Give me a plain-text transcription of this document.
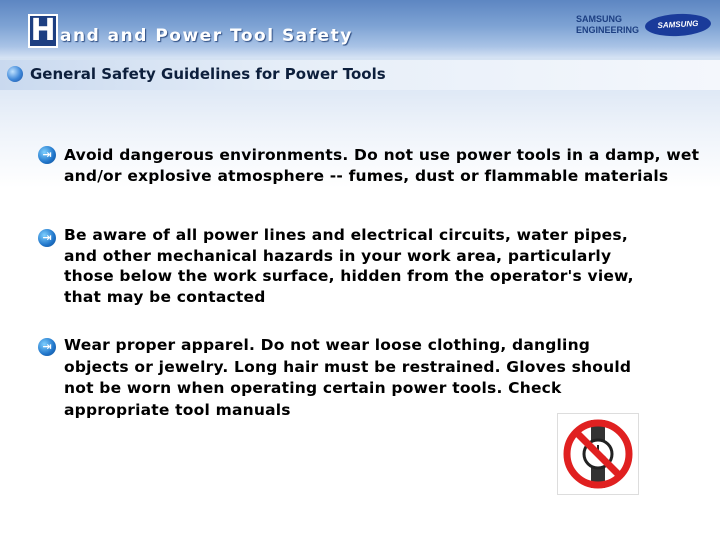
H and and Power Tool Safety
SAMSUNG
ENGINEERING	SAMSUNG
General Safety Guidelines for Power Tools
⇥ Avoid dangerous environments. Do not use power tools in a damp, wet and/or explosive atmosphere -- fumes, dust or flammable materials
⇥ Be aware of all power lines and electrical circuits, water pipes, and other mechanical hazards in your work area, particularly those below the work surface, hidden from the operator's view, that may be contacted
⇥ Wear proper apparel. Do not wear loose clothing, dangling objects or jewelry. Long hair must be restrained. Gloves should not be worn when operating certain power tools. Check appropriate tool manuals
